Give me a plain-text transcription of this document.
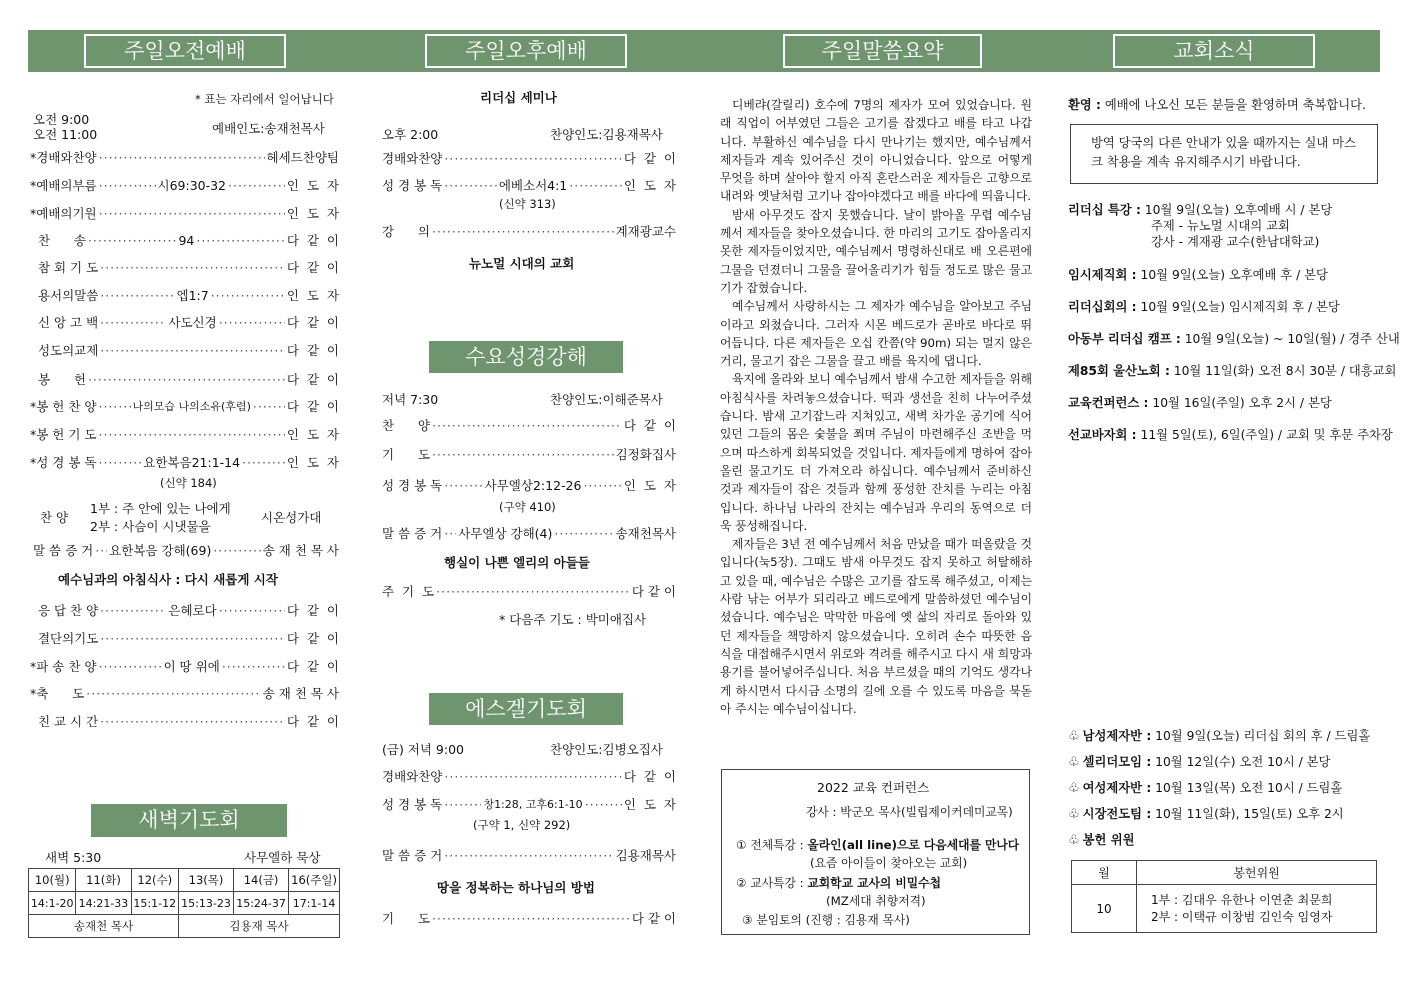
주일오전예배	주일오후예배	주일말씀요약	교회소식
* 표는 자리에서 일어납니다
오전 9:00
오전 11:00	예배인도:송재천목사
*경배와찬양 ·····	헤세드찬양팀
*예배의부름 ·····	시69:30-32 ·····	인  도  자
*예배의기원 ·····	인  도  자
찬      송 ·····	94 ·····	다  같  이
참 회 기 도 ·····	다  같  이
용서의말씀 ·····	엡1:7 ·····	인  도  자
신 앙 고 백 ·····	사도신경 ·····	다  같  이
성도의교제 ·····	다  같  이
봉      헌 ·····	다  같  이
*봉 헌 찬 양 ·····	나의모습 나의소유(후렴) ·····	다  같  이
*봉 헌 기 도 ·····	인  도  자
*성 경 봉 독 ·····	요한복음21:1-14 ·····	인  도  자
(신약 184)
찬 양
1부 : 주 안에 있는 나에게
2부 : 사슴이 시냇물을
시온성가대
말 씀 증 거 ····· 요한복음 강해(69) ·····	송 재 천 목 사
예수님과의 아침식사 : 다시 새롭게 시작
응 답 찬 양 ·····	은혜로다 ·····	다  같  이
결단의기도 ·····	다  같  이
*파 송 찬 양 ·····	이 땅 위에 ·····	다  같  이
*축      도 ·····	송 재 천 목 사
친 교 시 간 ·····	다  같  이
새벽기도회
새벽 5:30	사무엘하 묵상
10(월)	11(화)	12(수)	13(목)	14(금)	16(주일)
14:1-20	14:21-33	15:1-12	15:13-23	15:24-37	17:1-14
송재천 목사			김용재 목사		
리더십 세미나
오후 2:00	찬양인도:김용재목사
경배와찬양 ·····	다  같  이
성 경 봉 독 ·····	에베소서4:1 ·····	인  도  자
(신약 313)
강      의 ·····	계재광교수
뉴노멀 시대의 교회
수요성경강해
저녁 7:30	찬양인도:이해준목사
찬      양 ·····	다  같  이
기      도 ·····	김정화집사
성 경 봉 독 ·····	사무엘상2:12-26 ·····	인  도  자
(구약 410)
말 씀 증 거 ····· 사무엘상 강해(4) ·····	송재천목사
행실이 나쁜 엘리의 아들들
주  기  도 ·····	다 같 이
* 다음주 기도 : 박미애집사
에스겔기도회
(금) 저녁 9:00	찬양인도:김병오집사
경배와찬양 ·····	다  같  이
성 경 봉 독 ·····	창1:28, 고후6:1-10 ·····	인  도  자
(구약 1, 신약 292)
말 씀 증 거 ·····	김용재목사
땅을 정복하는 하나님의 방법
기      도 ·····	다 같 이

디베랴(갈릴리) 호수에 7명의 제자가 모여 있었습니다. 원래 직업이 어부였던 그들은 고기를 잡겠다고 배를 타고 나갑니다. 부활하신 예수님을 다시 만나기는 했지만, 예수님께서 제자들과 계속 있어주신 것이 아니었습니다. 앞으로 어떻게 무엇을 하며 살아야 할지 아직 혼란스러운 제자들은 고향으로 내려와 옛날처럼 고기나 잡아야겠다고 배를 바다에 띄웁니다.

밤새 아무것도 잡지 못했습니다. 날이 밝아올 무렵 예수님께서 제자들을 찾아오셨습니다. 한 마리의 고기도 잡아올리지 못한 제자들이었지만, 예수님께서 명령하신대로 배 오른편에 그물을 던졌더니 그물을 끌어올리기가 힘들 정도로 많은 물고기가 잡혔습니다.

예수님께서 사랑하시는 그 제자가 예수님을 알아보고 주님이라고 외쳤습니다. 그러자 시몬 베드로가 곧바로 바다로 뛰어듭니다. 다른 제자들은 오십 칸쯤(약 90m) 되는 멀지 않은 거리, 물고기 잡은 그물을 끌고 배를 육지에 댑니다.

육지에 올라와 보니 예수님께서 밤새 수고한 제자들을 위해 아침식사를 차려놓으셨습니다. 떡과 생선을 친히 나누어주셨습니다. 밤새 고기잡느라 지쳐있고, 새벽 차가운 공기에 식어 있던 그들의 몸은 숯불을 쬐며 주님이 마련해주신 조반을 먹으며 따스하게 회복되었을 것입니다. 제자들에게 명하여 잡아올린 물고기도 더 가져오라 하십니다. 예수님께서 준비하신 것과 제자들이 잡은 것들과 함께 풍성한 잔치를 누리는 아침입니다. 하나님 나라의 잔치는 예수님과 우리의 동역으로 더욱 풍성해집니다.

제자들은 3년 전 예수님께서 처음 만났을 때가 떠올랐을 것입니다(눅5장). 그때도 밤새 아무것도 잡지 못하고 허탈해하고 있을 때, 예수님은 수많은 고기를 잡도록 해주셨고, 이제는 사람 낚는 어부가 되리라고 베드로에게 말씀하셨던 예수님이셨습니다. 예수님은 막막한 마음에 옛 삶의 자리로 돌아와 있던 제자들을 책망하지 않으셨습니다. 오히려 손수 따뜻한 음식을 대접해주시면서 위로와 격려를 해주시고 다시 새 희망과 용기를 불어넣어주십니다. 처음 부르셨을 때의 기억도 생각나게 하시면서 다시금 소명의 길에 오를 수 있도록 마음을 북돋아 주시는 예수님이십니다.

2022 교육 컨퍼런스
강사 : 박군오 목사(빌립제이커데미교목)
① 전체특강 : 올라인(all line)으로 다음세대를 만나다
(요즘 아이들이 찾아오는 교회)
② 교사특강 : 교회학교 교사의 비밀수첩
(MZ세대 취향저격)
③ 분임토의 (진행 : 김용재 목사)
환영 : 예배에 나오신 모든 분들을 환영하며 축복합니다.
방역 당국의 다른 안내가 있을 때까지는 실내 마스크 착용을 계속 유지해주시기 바랍니다.
리더십 특강 : 10월 9일(오늘) 오후예배 시 / 본당
주제 - 뉴노멀 시대의 교회
강사 - 계재광 교수(한남대학교)
임시제직회 : 10월 9일(오늘) 오후예배 후 / 본당
리더십회의 : 10월 9일(오늘) 임시제직회 후 / 본당
아동부 리더십 캠프 : 10월 9일(오늘) ~ 10일(월) / 경주 산내
제85회 울산노회 : 10월 11일(화) 오전 8시 30분 / 대흥교회
교육컨퍼런스 : 10월 16일(주일) 오후 2시 / 본당
선교바자회 : 11월 5일(토), 6일(주일) / 교회 및 후문 주차장
♧ 남성제자반 : 10월 9일(오늘) 리더십 회의 후 / 드림홀
♧ 셀리더모임 : 10월 12일(수) 오전 10시 / 본당
♧ 여성제자반 : 10월 13일(목) 오전 10시 / 드림홀
♧ 시장전도팀 : 10월 11일(화), 15일(토) 오후 2시
♧ 봉헌 위원
월	봉헌위원
10	1부 : 김대우 유한나 이연춘 최문희
2부 : 이택규 이창범 김인숙 임영자
